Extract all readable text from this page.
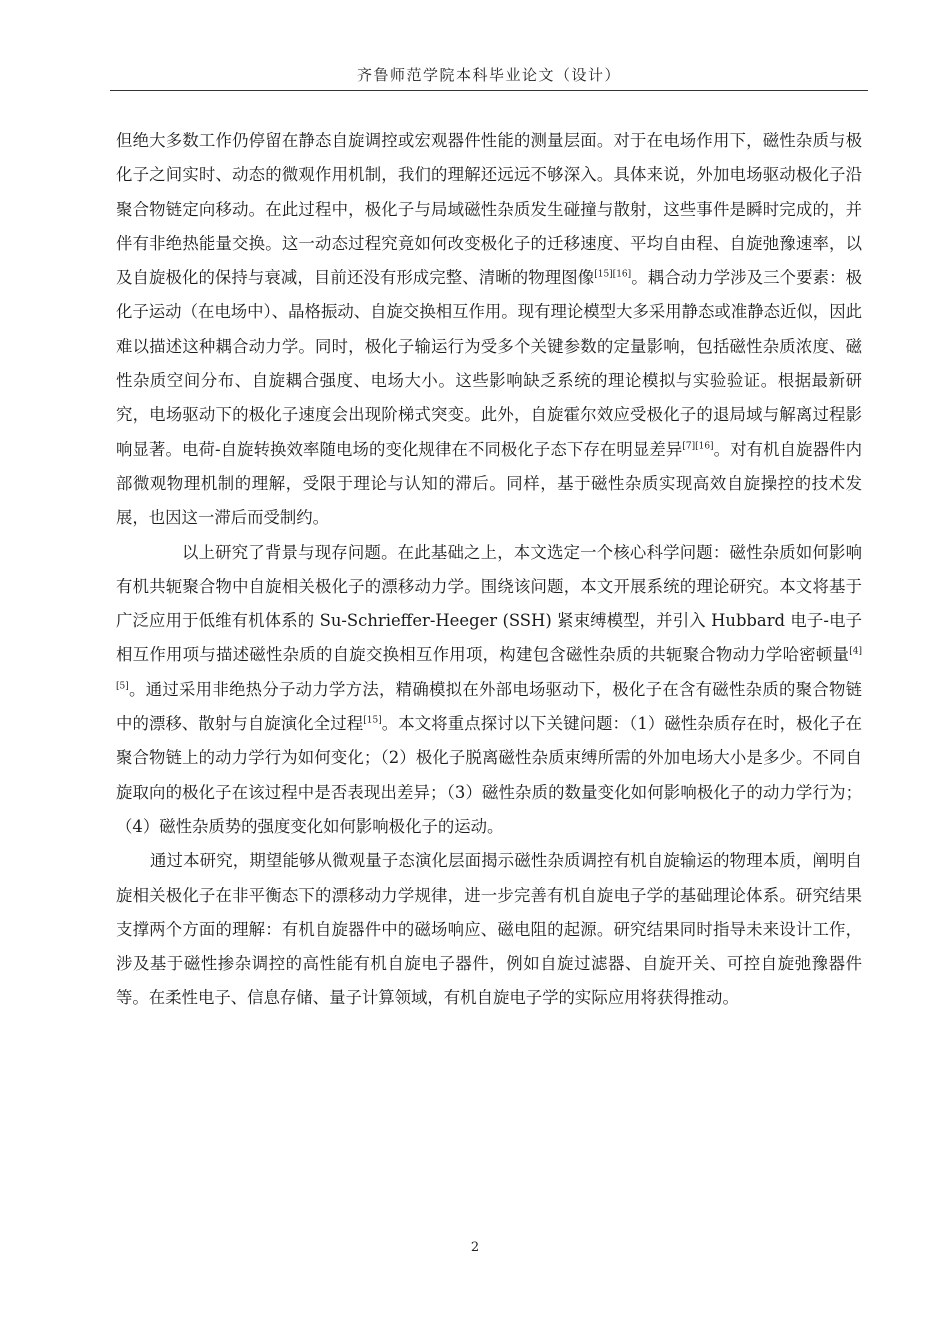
齐鲁师范学院本科毕业论文（设计）

但绝大多数工作仍停留在静态自旋调控或宏观器件性能的测量层面。对于在电场作用下，磁性杂质与极化子之间实时、动态的微观作用机制，我们的理解还远远不够深入。具体来说，外加电场驱动极化子沿聚合物链定向移动。在此过程中，极化子与局域磁性杂质发生碰撞与散射，这些事件是瞬时完成的，并伴有非绝热能量交换。这一动态过程究竟如何改变极化子的迁移速度、平均自由程、自旋弛豫速率，以及自旋极化的保持与衰减，目前还没有形成完整、清晰的物理图像[15][16]。耦合动力学涉及三个要素：极化子运动（在电场中）、晶格振动、自旋交换相互作用。现有理论模型大多采用静态或准静态近似，因此难以描述这种耦合动力学。同时，极化子输运行为受多个关键参数的定量影响，包括磁性杂质浓度、磁性杂质空间分布、自旋耦合强度、电场大小。这些影响缺乏系统的理论模拟与实验验证。根据最新研究，电场驱动下的极化子速度会出现阶梯式突变。此外，自旋霍尔效应受极化子的退局域与解离过程影响显著。电荷-自旋转换效率随电场的变化规律在不同极化子态下存在明显差异[7][16]。对有机自旋器件内部微观物理机制的理解，受限于理论与认知的滞后。同样，基于磁性杂质实现高效自旋操控的技术发展，也因这一滞后而受制约。

以上研究了背景与现存问题。在此基础之上，本文选定一个核心科学问题：磁性杂质如何影响有机共轭聚合物中自旋相关极化子的漂移动力学。围绕该问题，本文开展系统的理论研究。本文将基于广泛应用于低维有机体系的 Su-Schrieffer-Heeger (SSH) 紧束缚模型，并引入 Hubbard 电子-电子相互作用项与描述磁性杂质的自旋交换相互作用项，构建包含磁性杂质的共轭聚合物动力学哈密顿量[4][5]。通过采用非绝热分子动力学方法，精确模拟在外部电场驱动下，极化子在含有磁性杂质的聚合物链中的漂移、散射与自旋演化全过程[15]。本文将重点探讨以下关键问题：（1）磁性杂质存在时，极化子在聚合物链上的动力学行为如何变化；（2）极化子脱离磁性杂质束缚所需的外加电场大小是多少。不同自旋取向的极化子在该过程中是否表现出差异；（3）磁性杂质的数量变化如何影响极化子的动力学行为；（4）磁性杂质势的强度变化如何影响极化子的运动。

通过本研究，期望能够从微观量子态演化层面揭示磁性杂质调控有机自旋输运的物理本质，阐明自旋相关极化子在非平衡态下的漂移动力学规律，进一步完善有机自旋电子学的基础理论体系。研究结果支撑两个方面的理解：有机自旋器件中的磁场响应、磁电阻的起源。研究结果同时指导未来设计工作，涉及基于磁性掺杂调控的高性能有机自旋电子器件，例如自旋过滤器、自旋开关、可控自旋弛豫器件等。在柔性电子、信息存储、量子计算领域，有机自旋电子学的实际应用将获得推动。

2
